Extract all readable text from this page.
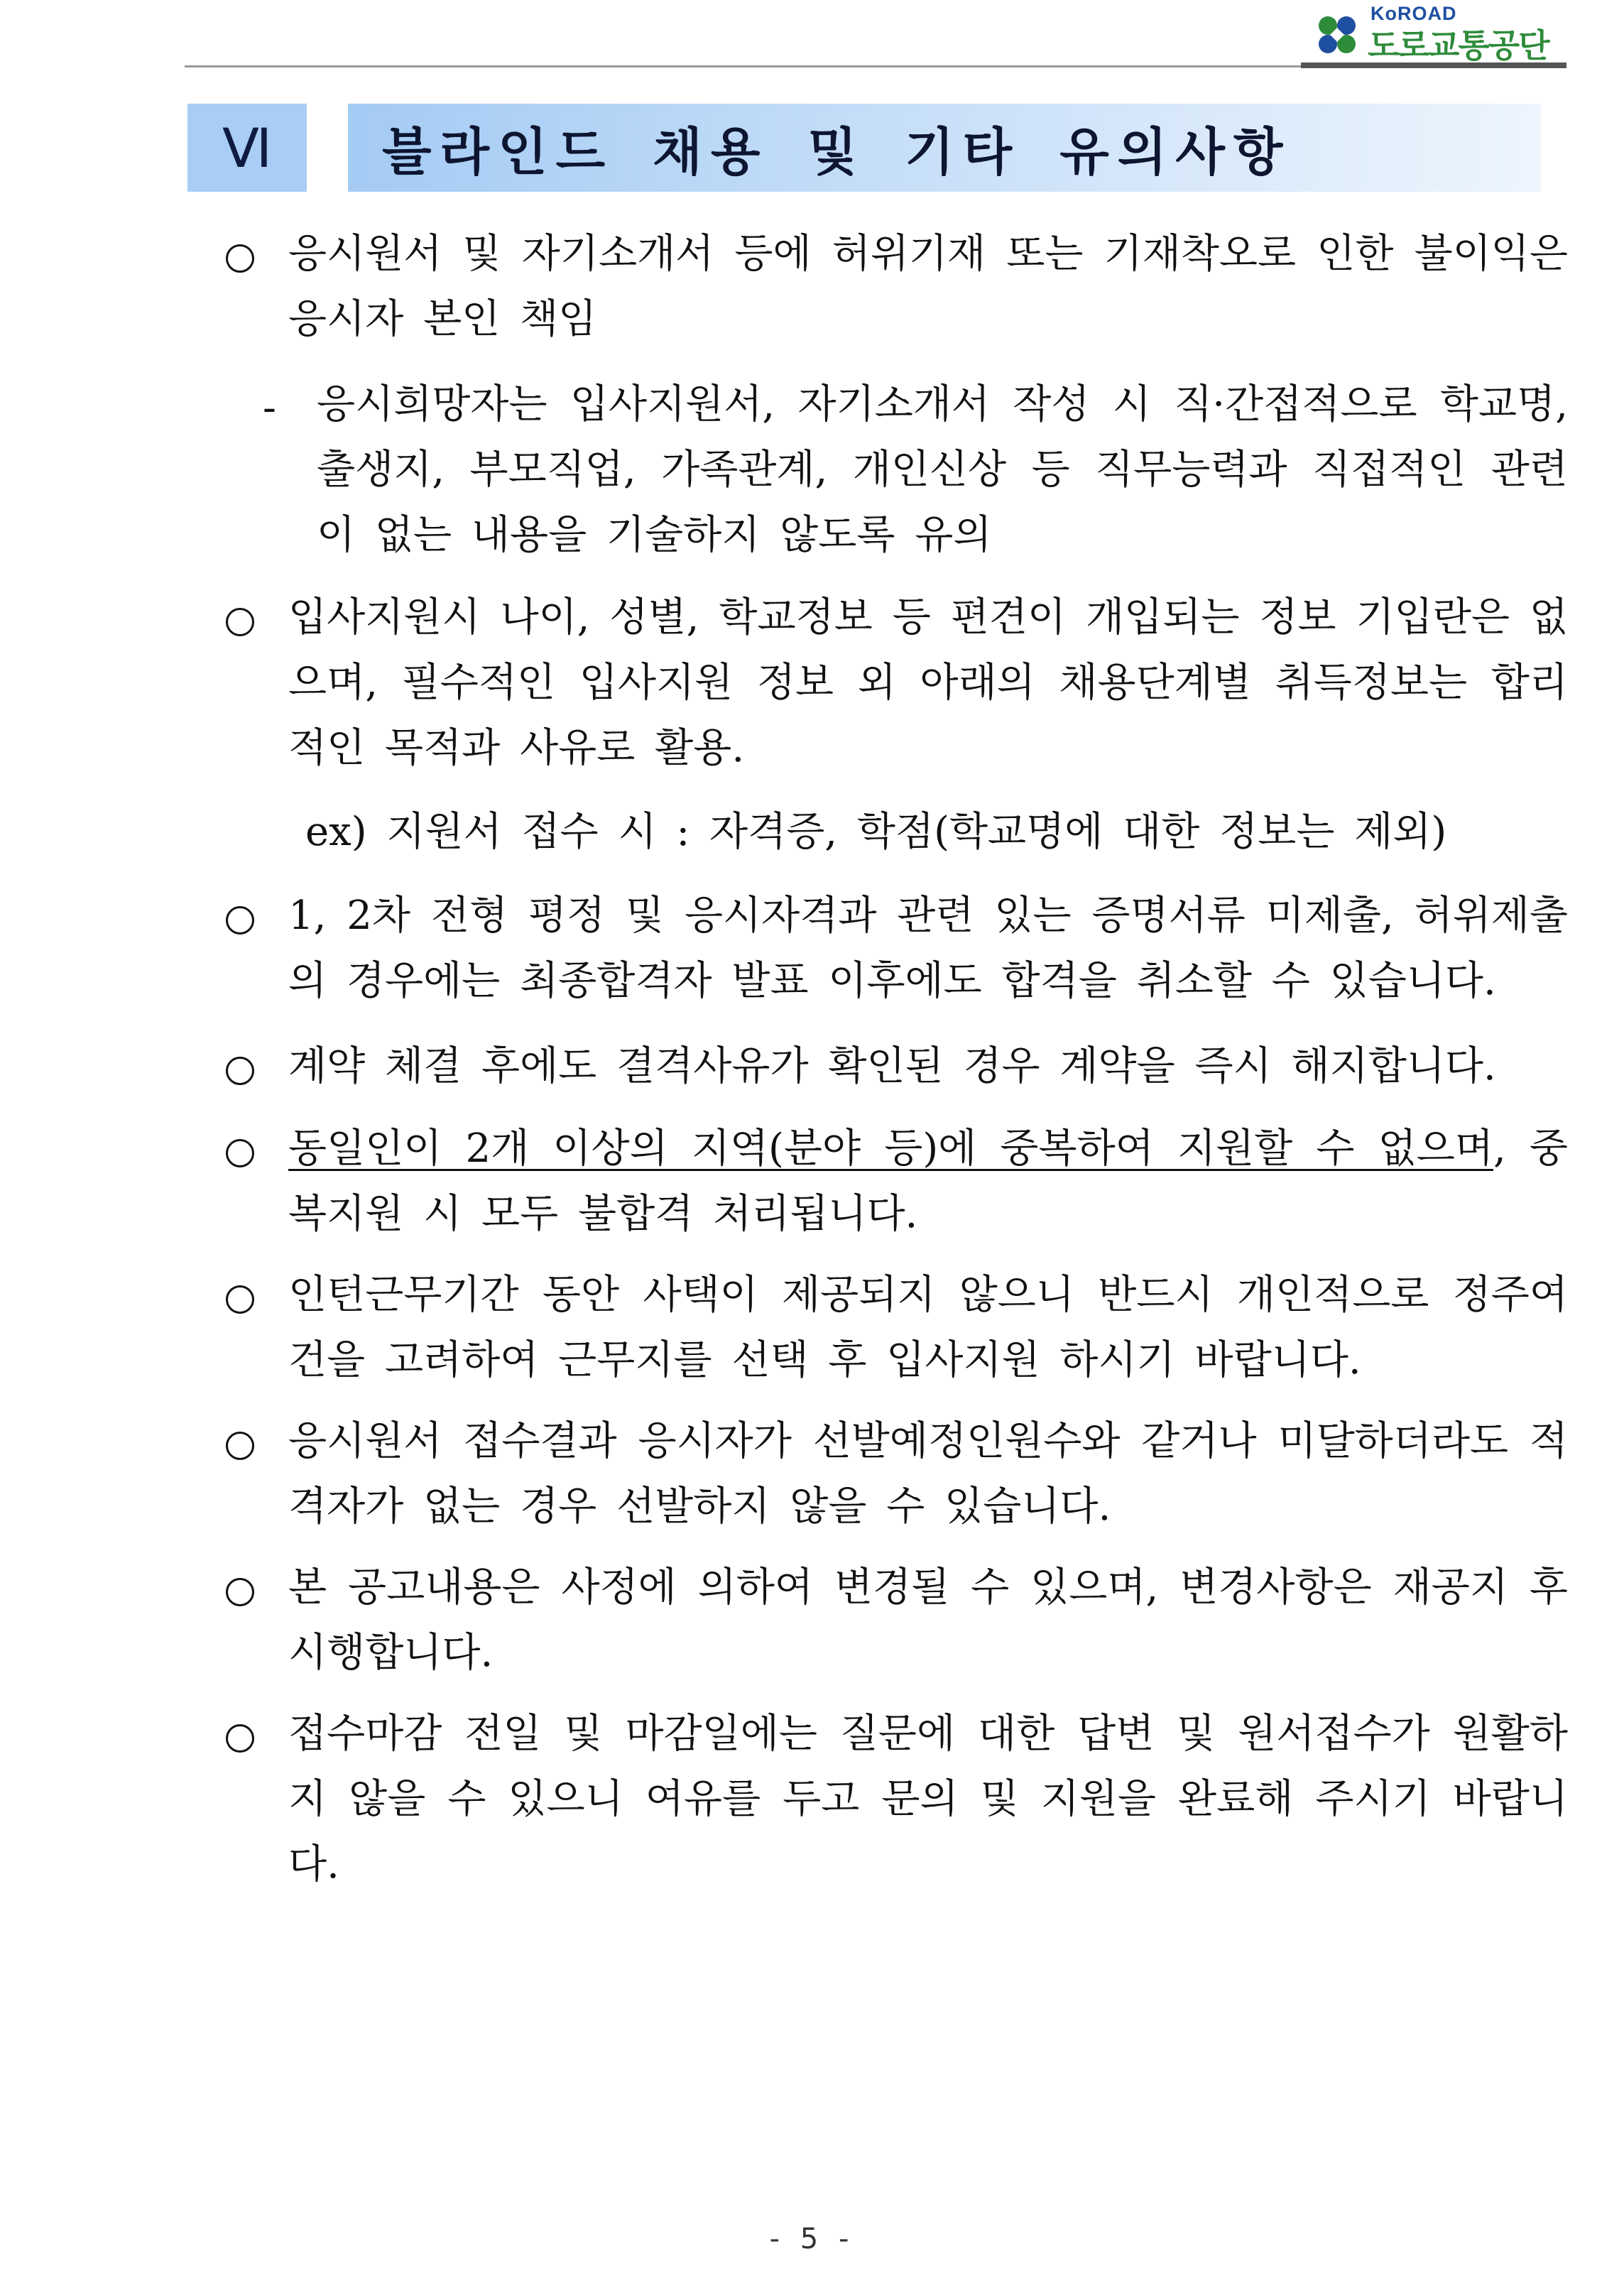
KoROAD
도로교통공단
Ⅵ	블라인드 채용 및 기타 유의사항
응시원서 및 자기소개서 등에 허위기재 또는 기재착오로 인한 불이익은 응시자 본인 책임
- 응시희망자는 입사지원서, 자기소개서 작성 시 직·간접적으로 학교명, 출생지, 부모직업, 가족관계, 개인신상 등 직무능력과 직접적인 관련이 없는 내용을 기술하지 않도록 유의
입사지원시 나이, 성별, 학교정보 등 편견이 개입되는 정보 기입란은 없으며, 필수적인 입사지원 정보 외 아래의 채용단계별 취득정보는 합리적인 목적과 사유로 활용.
ex) 지원서 접수 시 : 자격증, 학점(학교명에 대한 정보는 제외)
1, 2차 전형 평정 및 응시자격과 관련 있는 증명서류 미제출, 허위제출의 경우에는 최종합격자 발표 이후에도 합격을 취소할 수 있습니다.
계약 체결 후에도 결격사유가 확인된 경우 계약을 즉시 해지합니다.
동일인이 2개 이상의 지역(분야 등)에 중복하여 지원할 수 없으며, 중복지원 시 모두 불합격 처리됩니다.
인턴근무기간 동안 사택이 제공되지 않으니 반드시 개인적으로 정주여건을 고려하여 근무지를 선택 후 입사지원 하시기 바랍니다.
응시원서 접수결과 응시자가 선발예정인원수와 같거나 미달하더라도 적격자가 없는 경우 선발하지 않을 수 있습니다.
본 공고내용은 사정에 의하여 변경될 수 있으며, 변경사항은 재공지 후 시행합니다.
접수마감 전일 및 마감일에는 질문에 대한 답변 및 원서접수가 원활하지 않을 수 있으니 여유를 두고 문의 및 지원을 완료해 주시기 바랍니다.
- 5 -
